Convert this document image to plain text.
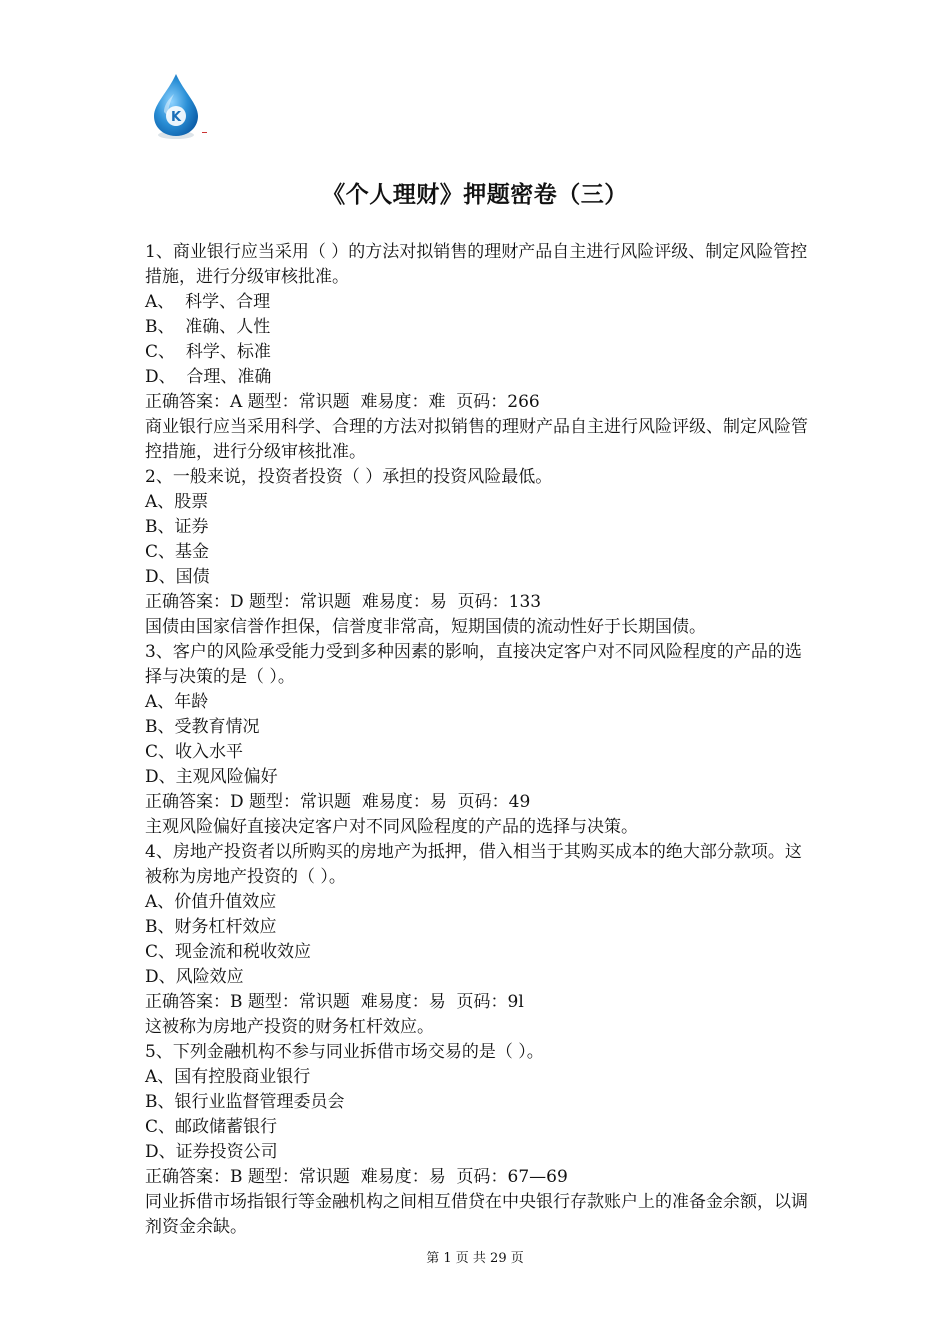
K
《个人理财》押题密卷（三）

1、商业银行应当采用（ ）的方法对拟销售的理财产品自主进行风险评级、制定风险管控措施，进行分级审核批准。

A、  科学、合理

B、  准确、人性

C、  科学、标准

D、  合理、准确

正确答案：A 题型：常识题  难易度：难  页码：266

商业银行应当采用科学、合理的方法对拟销售的理财产品自主进行风险评级、制定风险管控措施，进行分级审核批准。

2、一般来说，投资者投资（ ）承担的投资风险最低。

A、股票

B、证券

C、基金

D、国债

正确答案：D 题型：常识题  难易度：易  页码：133

国债由国家信誉作担保，信誉度非常高，短期国债的流动性好于长期国债。

3、客户的风险承受能力受到多种因素的影响，直接决定客户对不同风险程度的产品的选择与决策的是（ ）。

A、年龄

B、受教育情况

C、收入水平

D、主观风险偏好

正确答案：D 题型：常识题  难易度：易  页码：49

主观风险偏好直接决定客户对不同风险程度的产品的选择与决策。

4、房地产投资者以所购买的房地产为抵押，借入相当于其购买成本的绝大部分款项。这被称为房地产投资的（ ）。

A、价值升值效应

B、财务杠杆效应

C、现金流和税收效应

D、风险效应

正确答案：B 题型：常识题  难易度：易  页码：9l

这被称为房地产投资的财务杠杆效应。

5、下列金融机构不参与同业拆借市场交易的是（ ）。

A、国有控股商业银行

B、银行业监督管理委员会

C、邮政储蓄银行

D、证券投资公司

正确答案：B 题型：常识题  难易度：易  页码：67—69

同业拆借市场指银行等金融机构之间相互借贷在中央银行存款账户上的准备金余额，以调剂资金余缺。

第 1 页 共 29 页
